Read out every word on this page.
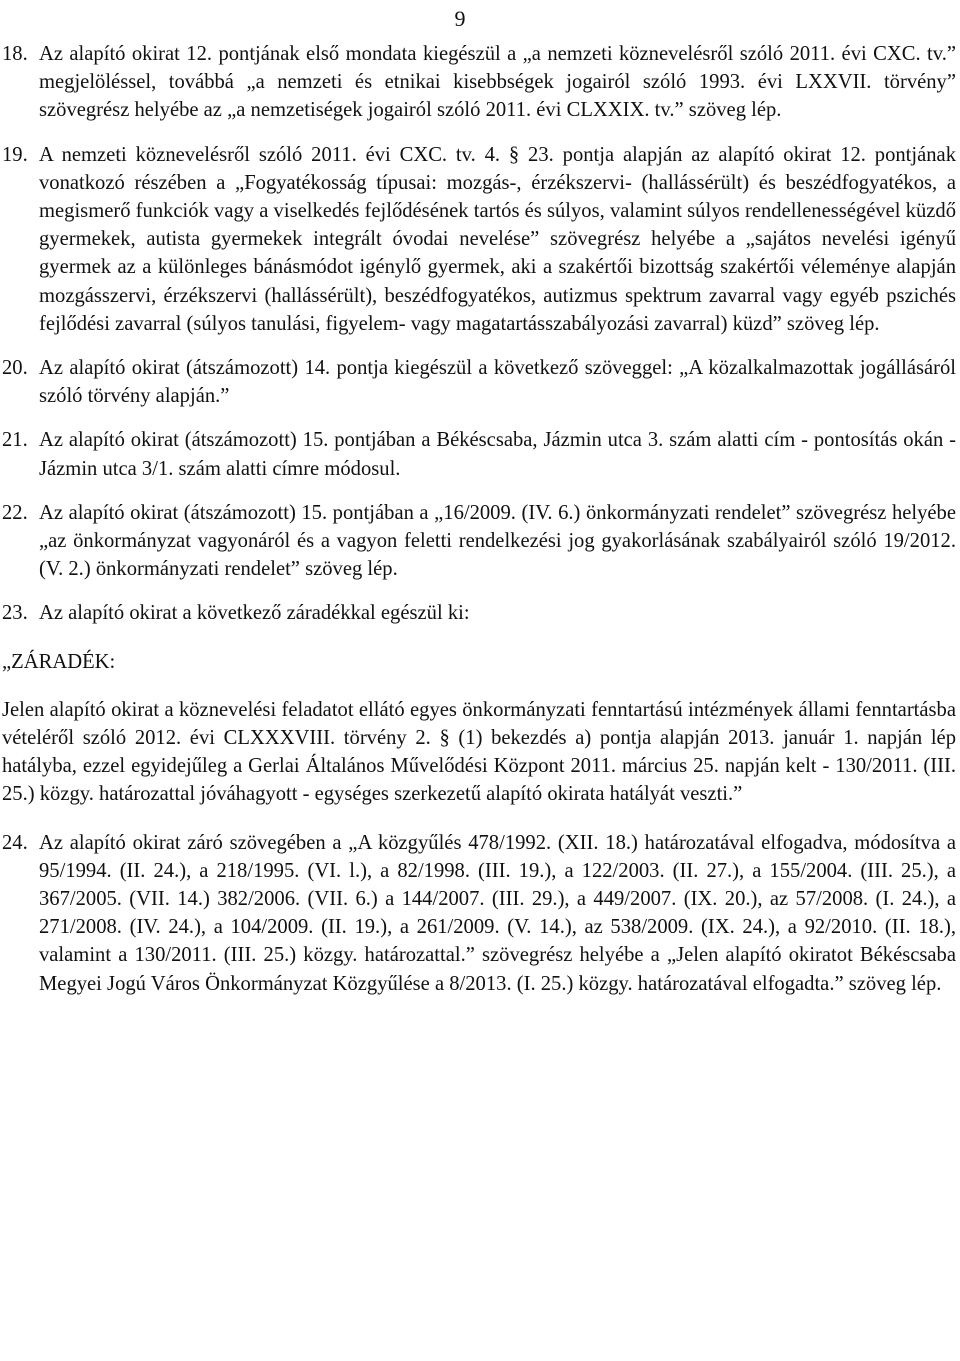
9
18. Az alapító okirat 12. pontjának első mondata kiegészül a „a nemzeti köznevelésről szóló 2011. évi CXC. tv.” megjelöléssel, továbbá „a nemzeti és etnikai kisebbségek jogairól szóló 1993. évi LXXVII. törvény” szövegrész helyébe az „a nemzetiségek jogairól szóló 2011. évi CLXXIX. tv.” szöveg lép.
19. A nemzeti köznevelésről szóló 2011. évi CXC. tv. 4. § 23. pontja alapján az alapító okirat 12. pontjának vonatkozó részében a „Fogyatékosság típusai: mozgás-, érzékszervi- (hallássérült) és beszédfogyatékos, a megismerő funkciók vagy a viselkedés fejlődésének tartós és súlyos, valamint súlyos rendellenességével küzdő gyermekek, autista gyermekek integrált óvodai nevelése” szövegrész helyébe a „sajátos nevelési igényű gyermek az a különleges bánásmódot igénylő gyermek, aki a szakértői bizottság szakértői véleménye alapján mozgásszervi, érzékszervi (hallássérült), beszédfogyatékos, autizmus spektrum zavarral vagy egyéb pszichés fejlődési zavarral (súlyos tanulási, figyelem- vagy magatartásszabályozási zavarral) küzd” szöveg lép.
20. Az alapító okirat (átszámozott) 14. pontja kiegészül a következő szöveggel: „A közalkalmazottak jogállásáról szóló törvény alapján.”
21. Az alapító okirat (átszámozott) 15. pontjában a Békéscsaba, Jázmin utca 3. szám alatti cím - pontosítás okán - Jázmin utca 3/1. szám alatti címre módosul.
22. Az alapító okirat (átszámozott) 15. pontjában a „16/2009. (IV. 6.) önkormányzati rendelet” szövegrész helyébe „az önkormányzat vagyonáról és a vagyon feletti rendelkezési jog gyakorlásának szabályairól szóló 19/2012. (V. 2.) önkormányzati rendelet” szöveg lép.
23. Az alapító okirat a következő záradékkal egészül ki:
„ZÁRADÉK:
Jelen alapító okirat a köznevelési feladatot ellátó egyes önkormányzati fenntartású intézmények állami fenntartásba vételéről szóló 2012. évi CLXXXVIII. törvény 2. § (1) bekezdés a) pontja alapján 2013. január 1. napján lép hatályba, ezzel egyidejűleg a Gerlai Általános Művelődési Központ 2011. március 25. napján kelt - 130/2011. (III. 25.) közgy. határozattal jóváhagyott - egységes szerkezetű alapító okirata hatályát veszti.”
24. Az alapító okirat záró szövegében a „A közgyűlés 478/1992. (XII. 18.) határozatával elfogadva, módosítva a 95/1994. (II. 24.), a 218/1995. (VI. l.), a 82/1998. (III. 19.), a 122/2003. (II. 27.), a 155/2004. (III. 25.), a 367/2005. (VII. 14.) 382/2006. (VII. 6.) a 144/2007. (III. 29.), a 449/2007. (IX. 20.), az 57/2008. (I. 24.), a 271/2008. (IV. 24.), a 104/2009. (II. 19.), a 261/2009. (V. 14.), az 538/2009. (IX. 24.), a 92/2010. (II. 18.), valamint a 130/2011. (III. 25.) közgy. határozattal.” szövegrész helyébe a „Jelen alapító okiratot Békéscsaba Megyei Jogú Város Önkormányzat Közgyűlése a 8/2013. (I. 25.) közgy. határozatával elfogadta.” szöveg lép.
